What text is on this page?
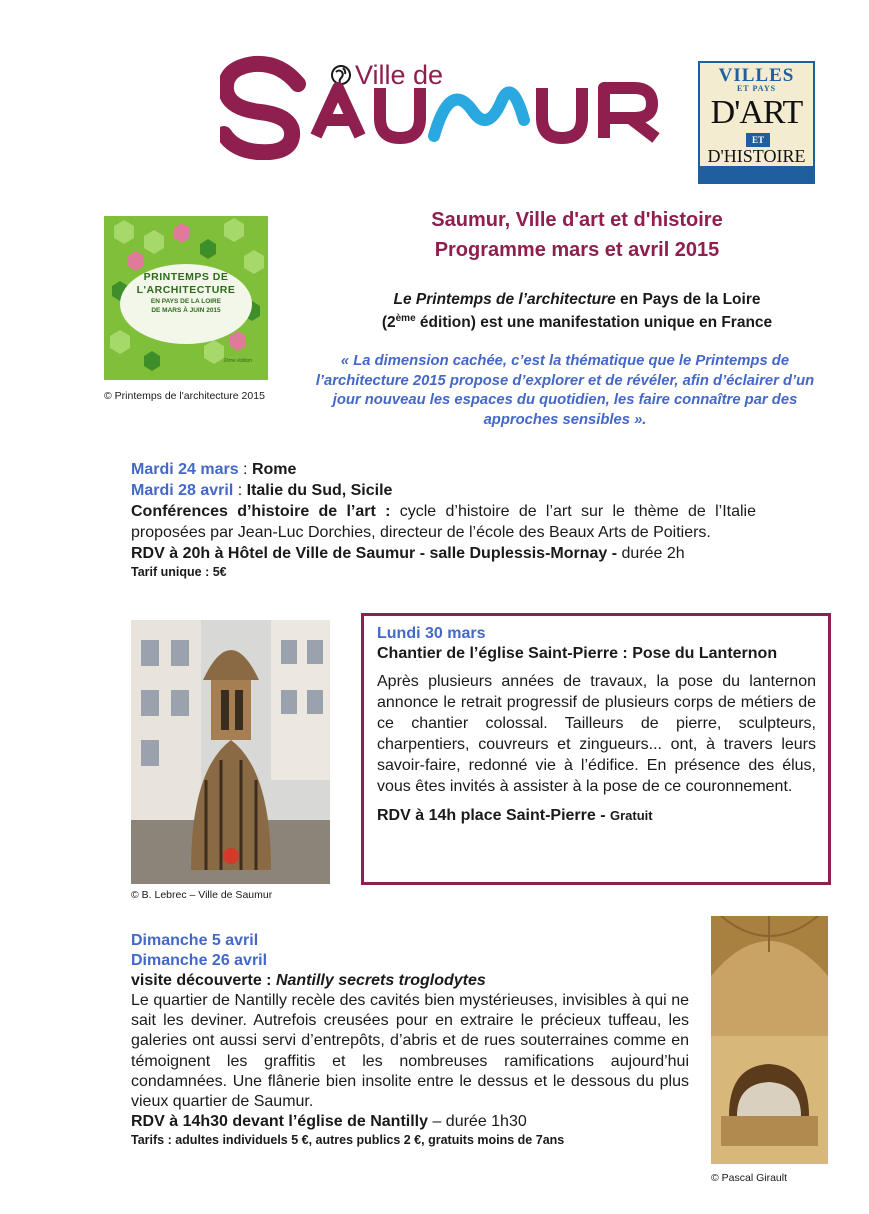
Ville de	VILLES
ET PAYS
D'ART
ET
D'HISTOIRE
PRINTEMPS DE
L'ARCHITECTURE
EN PAYS DE LA LOIRE
DE MARS À JUIN 2015
2ème édition
© Printemps de l'architecture 2015
Saumur, Ville d'art et d'histoire
Programme mars et avril 2015
Le Printemps de l’architecture en Pays de la Loire
(2ème édition) est une manifestation unique en France
« La dimension cachée, c’est la thématique que le Printemps de l’architecture 2015 propose d’explorer et de révéler, afin d’éclairer d’un jour nouveau les espaces du quotidien, les faire connaître par des approches sensibles ».
Mardi 24 mars : Rome
Mardi 28 avril : Italie du Sud, Sicile
Conférences d’histoire de l’art : cycle d’histoire de l’art sur le thème de l’Italie proposées par Jean-Luc Dorchies, directeur de l’école des Beaux Arts de Poitiers.
RDV à 20h à Hôtel de Ville de Saumur - salle Duplessis-Mornay - durée 2h
Tarif unique : 5€
© B. Lebrec – Ville de Saumur
Lundi 30 mars
Chantier de l’église Saint-Pierre : Pose du Lanternon
Après plusieurs années de travaux, la pose du lanternon annonce le retrait progressif de plusieurs corps de métiers de ce chantier colossal. Tailleurs de pierre, sculpteurs, charpentiers, couvreurs et zingueurs... ont, à travers leurs savoir-faire, redonné vie à l’édifice. En présence des élus, vous êtes invités à assister à la pose de ce couronnement.
RDV à 14h place Saint-Pierre - Gratuit
Dimanche 5 avril
Dimanche 26 avril
visite découverte : Nantilly secrets troglodytes
Le quartier de Nantilly recèle des cavités bien mystérieuses, invisibles à qui ne sait les deviner. Autrefois creusées pour en extraire le précieux tuffeau, les galeries ont aussi servi d’entrepôts, d’abris et de rues souterraines comme en témoignent les graffitis et les nombreuses ramifications aujourd’hui condamnées. Une flânerie bien insolite entre le dessus et le dessous du plus vieux quartier de Saumur.
RDV à 14h30 devant l’église de Nantilly – durée 1h30
Tarifs : adultes individuels 5 €, autres publics 2 €, gratuits moins de 7ans
© Pascal Girault
